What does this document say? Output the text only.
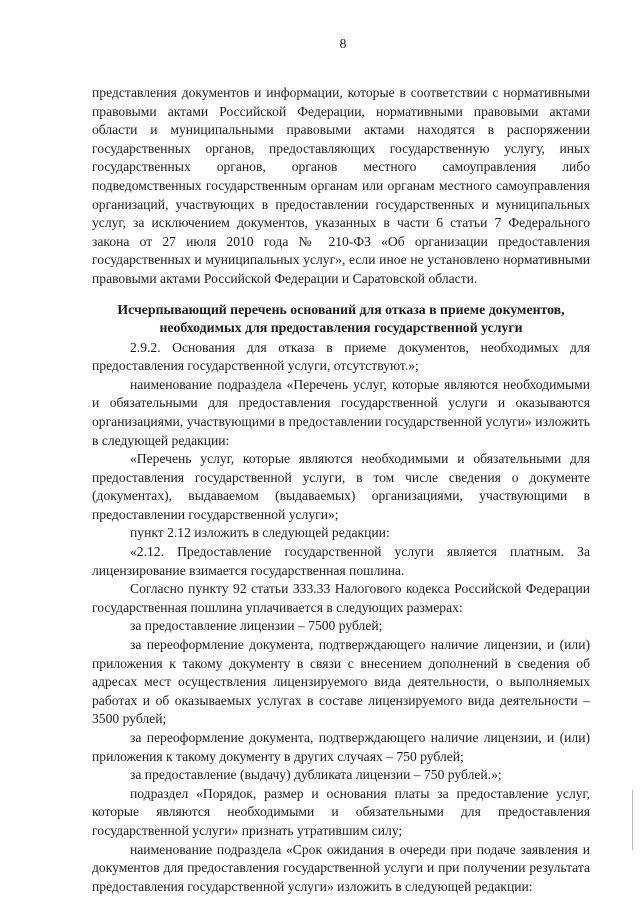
8

представления документов и информации, которые в соответствии с нормативными правовыми актами Российской Федерации, нормативными правовыми актами области и муниципальными правовыми актами находятся в распоряжении государственных органов, предоставляющих государственную услугу, иных государственных органов, органов местного самоуправления либо подведомственных государственным органам или органам местного самоуправления организаций, участвующих в предоставлении государственных и муниципальных услуг, за исключением документов, указанных в части 6 статьи 7 Федерального закона от 27 июля 2010 года № 210-ФЗ «Об организации предоставления государственных и муниципальных услуг», если иное не установлено нормативными правовыми актами Российской Федерации и Саратовской области.

Исчерпывающий перечень оснований для отказа в приеме документов, необходимых для предоставления государственной услуги

2.9.2. Основания для отказа в приеме документов, необходимых для предоставления государственной услуги, отсутствуют.»;

наименование подраздела «Перечень услуг, которые являются необходимыми и обязательными для предоставления государственной услуги и оказываются организациями, участвующими в предоставлении государственной услуги» изложить в следующей редакции:

«Перечень услуг, которые являются необходимыми и обязательными для предоставления государственной услуги, в том числе сведения о документе (документах), выдаваемом (выдаваемых) организациями, участвующими в предоставлении государственной услуги»;

пункт 2.12 изложить в следующей редакции:

«2.12. Предоставление государственной услуги является платным. За лицензирование взимается государственная пошлина.

Согласно пункту 92 статьи 333.33 Налогового кодекса Российской Федерации государственная пошлина уплачивается в следующих размерах:

за предоставление лицензии – 7500 рублей;

за переоформление документа, подтверждающего наличие лицензии, и (или) приложения к такому документу в связи с внесением дополнений в сведения об адресах мест осуществления лицензируемого вида деятельности, о выполняемых работах и об оказываемых услугах в составе лицензируемого вида деятельности – 3500 рублей;

за переоформление документа, подтверждающего наличие лицензии, и (или) приложения к такому документу в других случаях – 750 рублей;

за предоставление (выдачу) дубликата лицензии – 750 рублей.»;

подраздел «Порядок, размер и основания платы за предоставление услуг, которые являются необходимыми и обязательными для предоставления государственной услуги» признать утратившим силу;

наименование подраздела «Срок ожидания в очереди при подаче заявления и документов для предоставления государственной услуги и при получении результата предоставления государственной услуги» изложить в следующей редакции:
